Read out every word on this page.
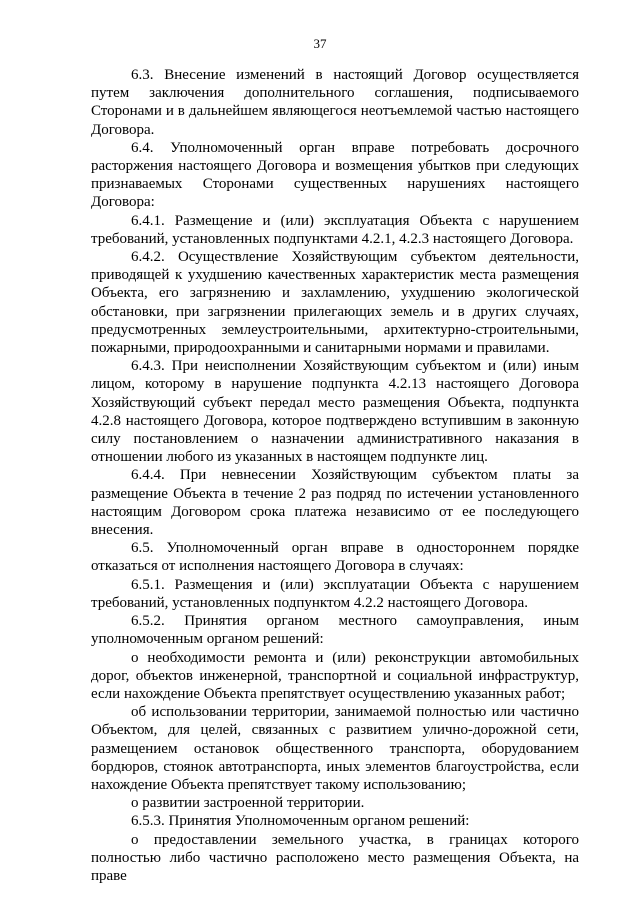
37

6.3. Внесение изменений в настоящий Договор осуществляется путем заключения дополнительного соглашения, подписываемого Сторонами и в дальнейшем являющегося неотъемлемой частью настоящего Договора.

6.4. Уполномоченный орган вправе потребовать досрочного расторжения настоящего Договора и возмещения убытков при следующих признаваемых Сторонами существенных нарушениях настоящего Договора:

6.4.1. Размещение и (или) эксплуатация Объекта с нарушением требований, установленных подпунктами 4.2.1, 4.2.3 настоящего Договора.

6.4.2. Осуществление Хозяйствующим субъектом деятельности, приводящей к ухудшению качественных характеристик места размещения Объекта, его загрязнению и захламлению, ухудшению экологической обстановки, при загрязнении прилегающих земель и в других случаях, предусмотренных землеустроительными, архитектурно-строительными, пожарными, природоохранными и санитарными нормами и правилами.

6.4.3. При неисполнении Хозяйствующим субъектом и (или) иным лицом, которому в нарушение подпункта 4.2.13 настоящего Договора Хозяйствующий субъект передал место размещения Объекта, подпункта 4.2.8 настоящего Договора, которое подтверждено вступившим в законную силу постановлением о назначении административного наказания в отношении любого из указанных в настоящем подпункте лиц.

6.4.4. При невнесении Хозяйствующим субъектом платы за размещение Объекта в течение 2 раз подряд по истечении установленного настоящим Договором срока платежа независимо от ее последующего внесения.

6.5. Уполномоченный орган вправе в одностороннем порядке отказаться от исполнения настоящего Договора в случаях:

6.5.1. Размещения и (или) эксплуатации Объекта с нарушением требований, установленных подпунктом 4.2.2 настоящего Договора.

6.5.2. Принятия органом местного самоуправления, иным уполномоченным органом решений:

о необходимости ремонта и (или) реконструкции автомобильных дорог, объектов инженерной, транспортной и социальной инфраструктур, если нахождение Объекта препятствует осуществлению указанных работ;

об использовании территории, занимаемой полностью или частично Объектом, для целей, связанных с развитием улично-дорожной сети, размещением остановок общественного транспорта, оборудованием бордюров, стоянок автотранспорта, иных элементов благоустройства, если нахождение Объекта препятствует такому использованию;

о развитии застроенной территории.

6.5.3. Принятия Уполномоченным органом решений:

о предоставлении земельного участка, в границах которого полностью либо частично расположено место размещения Объекта, на праве
